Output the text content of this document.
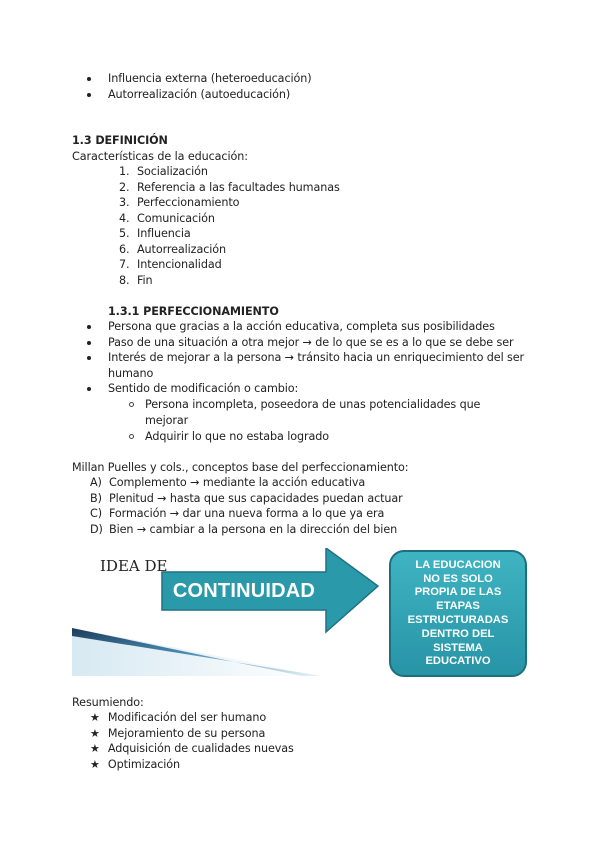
Influencia externa (heteroeducación)
Autorrealización (autoeducación)
1.3 DEFINICIÓN
Características de la educación:
1. Socialización
2. Referencia a las facultades humanas
3. Perfeccionamiento
4. Comunicación
5. Influencia
6. Autorrealización
7. Intencionalidad
8. Fin
1.3.1 PERFECCIONAMIENTO
Persona que gracias a la acción educativa, completa sus posibilidades
Paso de una situación a otra mejor → de lo que se es a lo que se debe ser
Interés de mejorar a la persona → tránsito hacia un enriquecimiento del ser
humano
Sentido de modificación o cambio:
Persona incompleta, poseedora de unas potencialidades que
mejorar
Adquirir lo que no estaba logrado
Millan Puelles y cols., conceptos base del perfeccionamiento:
A) Complemento → mediante la acción educativa
B) Plenitud → hasta que sus capacidades puedan actuar
C) Formación → dar una nueva forma a lo que ya era
D) Bien → cambiar a la persona en la dirección del bien
IDEA DE
CONTINUIDAD
LA EDUCACION
NO ES SOLO
PROPIA DE LAS
ETAPAS
ESTRUCTURADAS
DENTRO DEL
SISTEMA
EDUCATIVO
Resumiendo:
★ Modificación del ser humano
★ Mejoramiento de su persona
★ Adquisición de cualidades nuevas
★ Optimización
